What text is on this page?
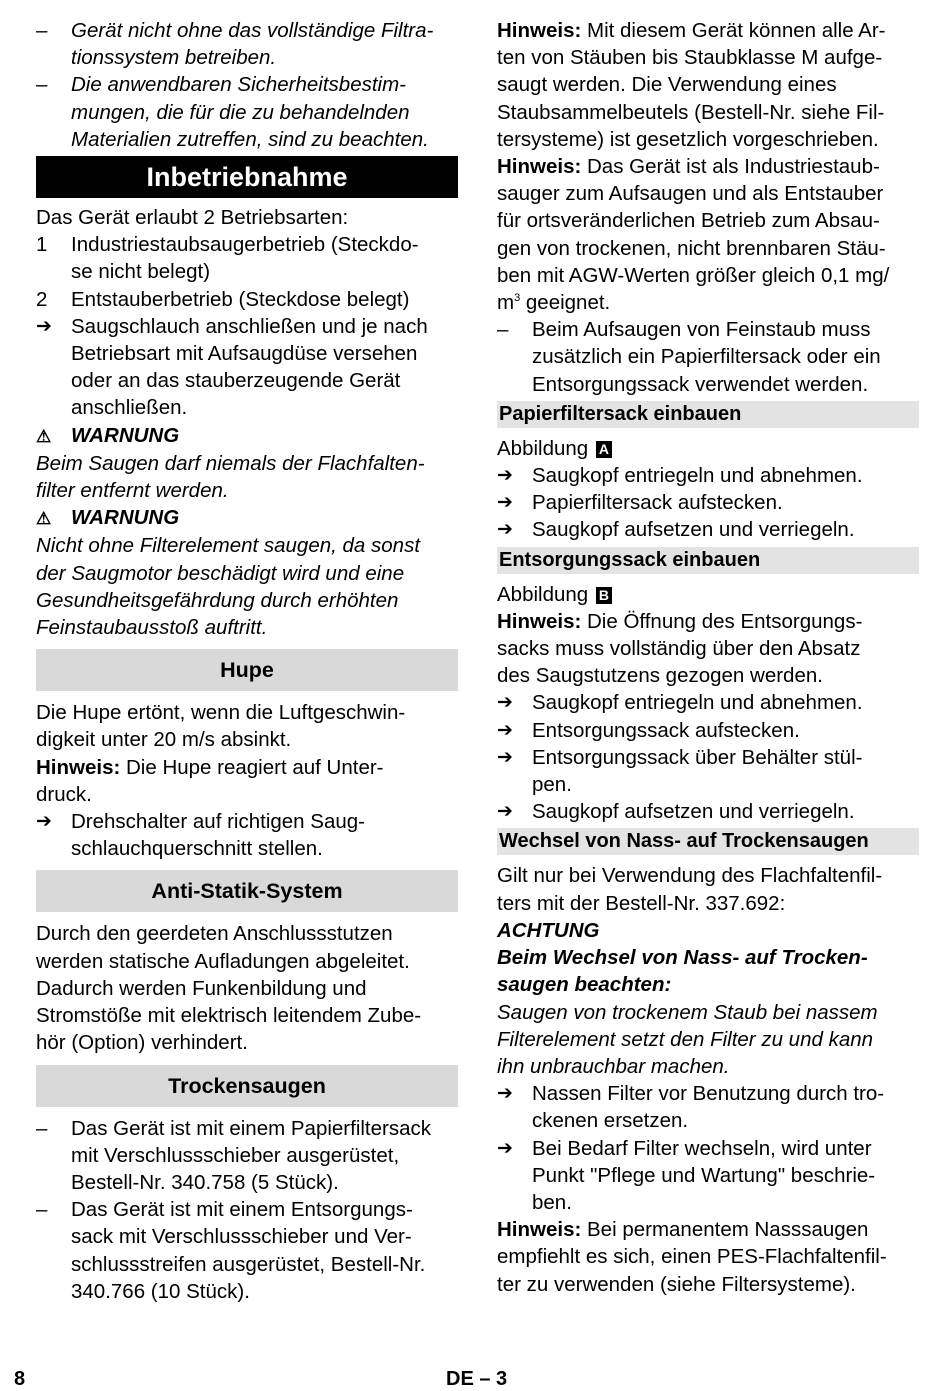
–	Gerät nicht ohne das vollständige Filtra-
tionssystem betreiben.
–	Die anwendbaren Sicherheitsbestim-
mungen, die für die zu behandelnden
Materialien zutreffen, sind zu beachten.
Inbetriebnahme

Das Gerät erlaubt 2 Betriebsarten:

1	Industriestaubsaugerbetrieb (Steckdo-
se nicht belegt)
2	Entstauberbetrieb (Steckdose belegt)
➔ Saugschlauch anschließen und je nach
Betriebsart mit Aufsaugdüse versehen
oder an das stauberzeugende Gerät
anschließen.

⚠ WARNUNG

Beim Saugen darf niemals der Flachfalten-
filter entfernt werden.

⚠ WARNUNG

Nicht ohne Filterelement saugen, da sonst
der Saugmotor beschädigt wird und eine
Gesundheitsgefährdung durch erhöhten
Feinstaubausstoß auftritt.

Hupe

Die Hupe ertönt, wenn die Luftgeschwin-
digkeit unter 20 m/s absinkt.

Hinweis: Die Hupe reagiert auf Unter-
druck.

➔ Drehschalter auf richtigen Saug-
schlauchquerschnitt stellen.
Anti-Statik-System

Durch den geerdeten Anschlussstutzen
werden statische Aufladungen abgeleitet.
Dadurch werden Funkenbildung und
Stromstöße mit elektrisch leitendem Zube-
hör (Option) verhindert.

Trockensaugen
–	Das Gerät ist mit einem Papierfiltersack
mit Verschlussschieber ausgerüstet,
Bestell-Nr. 340.758 (5 Stück).
–	Das Gerät ist mit einem Entsorgungs-
sack mit Verschlussschieber und Ver-
schlussstreifen ausgerüstet, Bestell-Nr.
340.766 (10 Stück).

Hinweis: Mit diesem Gerät können alle Ar-
ten von Stäuben bis Staubklasse M aufge-
saugt werden. Die Verwendung eines
Staubsammelbeutels (Bestell-Nr. siehe Fil-
tersysteme) ist gesetzlich vorgeschrieben.

Hinweis: Das Gerät ist als Industriestaub-
sauger zum Aufsaugen und als Entstauber
für ortsveränderlichen Betrieb zum Absau-
gen von trockenen, nicht brennbaren Stäu-
ben mit AGW-Werten größer gleich 0,1 mg/
$m^3$ geeignet.

–	Beim Aufsaugen von Feinstaub muss
zusätzlich ein Papierfiltersack oder ein
Entsorgungssack verwendet werden.
Papierfiltersack einbauen

Abbildung A

➔ Saugkopf entriegeln und abnehmen.
➔ Papierfiltersack aufstecken.
➔ Saugkopf aufsetzen und verriegeln.
Entsorgungssack einbauen

Abbildung B

Hinweis: Die Öffnung des Entsorgungs-
sacks muss vollständig über den Absatz
des Saugstutzens gezogen werden.

➔ Saugkopf entriegeln und abnehmen.
➔ Entsorgungssack aufstecken.
➔ Entsorgungssack über Behälter stül-
pen.
➔ Saugkopf aufsetzen und verriegeln.
Wechsel von Nass- auf Trockensaugen

Gilt nur bei Verwendung des Flachfaltenfil-
ters mit der Bestell-Nr. 337.692:

ACHTUNG

Beim Wechsel von Nass- auf Trocken-
saugen beachten:

Saugen von trockenem Staub bei nassem
Filterelement setzt den Filter zu und kann
ihn unbrauchbar machen.

➔ Nassen Filter vor Benutzung durch tro-
ckenen ersetzen.
➔ Bei Bedarf Filter wechseln, wird unter
Punkt "Pflege und Wartung" beschrie-
ben.

Hinweis: Bei permanentem Nasssaugen
empfiehlt es sich, einen PES-Flachfaltenfil-
ter zu verwenden (siehe Filtersysteme).

8	DE – 3
